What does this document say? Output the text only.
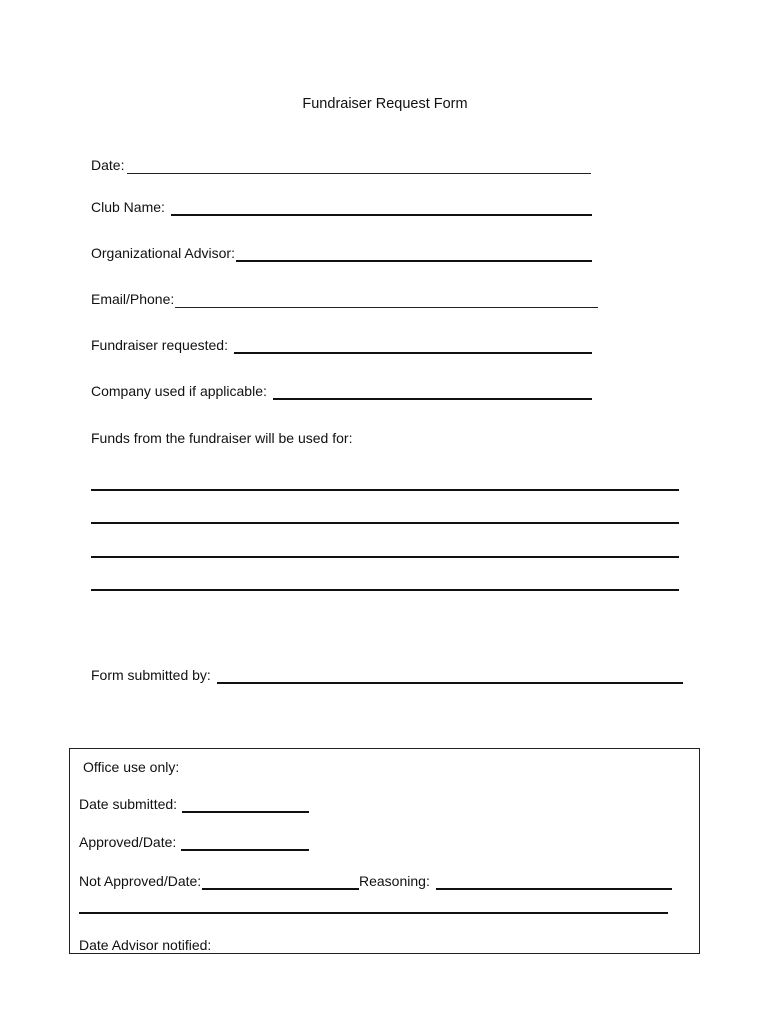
Fundraiser Request Form
Date:
Club Name:
Organizational Advisor:
Email/Phone:
Fundraiser requested:
Company used if applicable:
Funds from the fundraiser will be used for:
Form submitted by:
Office use only:
Date submitted:
Approved/Date:
Not Approved/Date:	Reasoning:
Date Advisor notified:
